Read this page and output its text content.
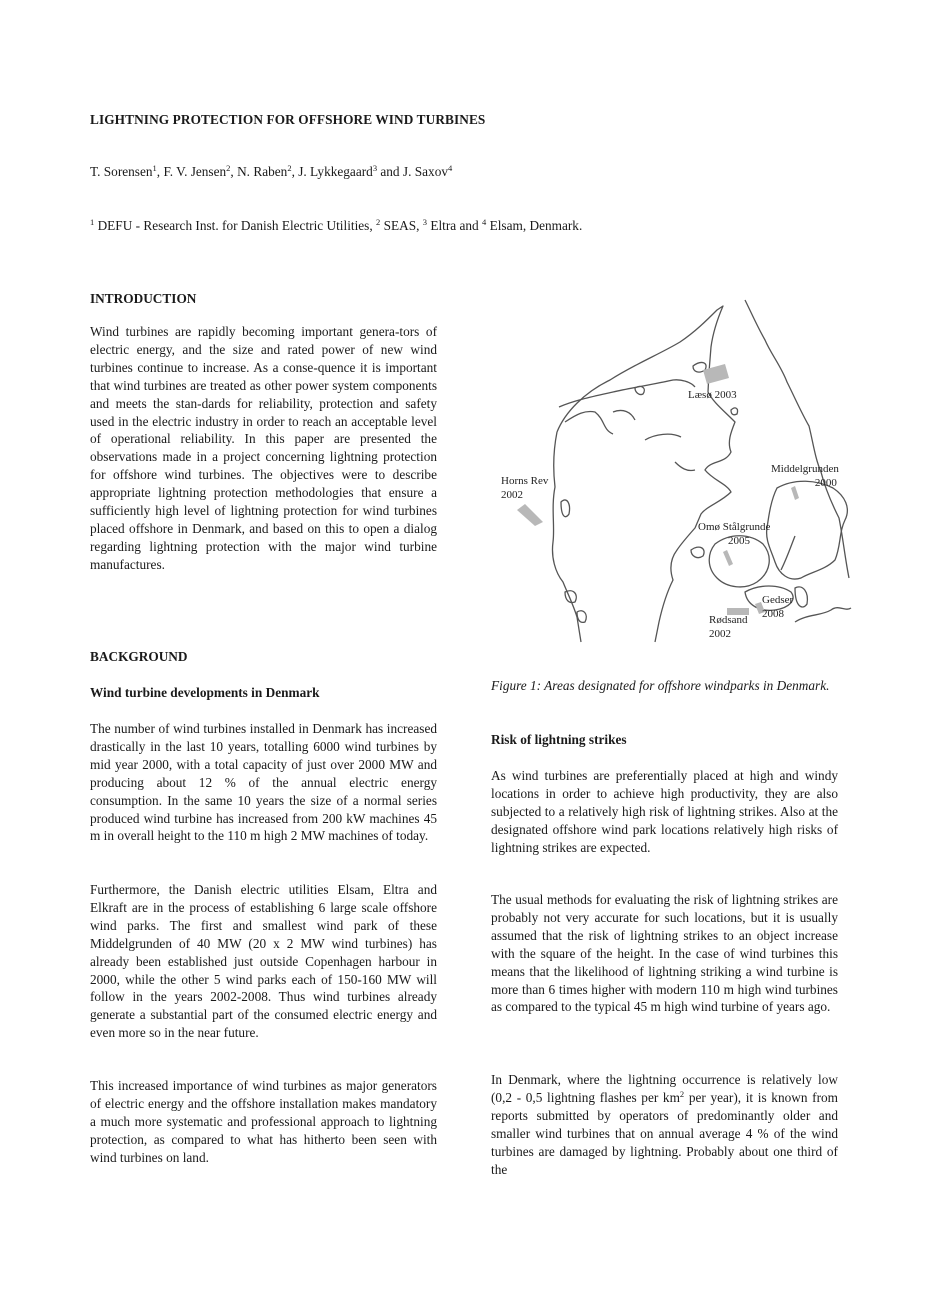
LIGHTNING PROTECTION FOR OFFSHORE WIND TURBINES
T. Sorensen$^1$, F. V. Jensen$^2$, N. Raben$^2$, J. Lykkegaard$^3$ and J. Saxov$^4$
$^1$ DEFU - Research Inst. for Danish Electric Utilities, $^2$ SEAS, $^3$ Eltra and $^4$ Elsam, Denmark.
INTRODUCTION

Wind turbines are rapidly becoming important genera-tors of electric energy, and the size and rated power of new wind turbines continue to increase. As a conse-quence it is important that wind turbines are treated as other power system components and meets the stan-dards for reliability, protection and safety used in the electric industry in order to reach an acceptable level of operational reliability. In this paper are presented the observations made in a project concerning lightning protection for offshore wind turbines. The objectives were to describe appropriate lightning protection methodologies that ensure a sufficiently high level of lightning protection for wind turbines placed offshore in Denmark, and based on this to open a dialog regarding lightning protection with the major wind turbine manufactures.

BACKGROUND
Wind turbine developments in Denmark

The number of wind turbines installed in Denmark has increased drastically in the last 10 years, totalling 6000 wind turbines by mid year 2000, with a total capacity of just over 2000 MW and producing about 12 % of the annual electric energy consumption. In the same 10 years the size of a normal series produced wind turbine has increased from 200 kW machines 45 m in overall height to the 110 m high 2 MW machines of today.

Furthermore, the Danish electric utilities Elsam, Eltra and Elkraft are in the process of establishing 6 large scale offshore wind parks. The first and smallest wind park of these Middelgrunden of 40 MW (20 x 2 MW wind turbines) has already been established just outside Copenhagen harbour in 2000, while the other 5 wind parks each of 150-160 MW will follow in the years 2002-2008. Thus wind turbines already generate a substantial part of the consumed electric energy and even more so in the near future.

This increased importance of wind turbines as major generators of electric energy and the offshore installation makes mandatory a much more systematic and professional approach to lightning protection, as compared to what has hitherto been seen with wind turbines on land.

Læsø 2003
Horns Rev
2002
Middelgrunden
2000
Omø Stålgrunde
2005
Gedser
2008
Rødsand
2002

Figure 1: Areas designated for offshore windparks in Denmark.

Risk of lightning strikes

As wind turbines are preferentially placed at high and windy locations in order to achieve high productivity, they are also subjected to a relatively high risk of lightning strikes. Also at the designated offshore wind park locations relatively high risks of lightning strikes are expected.

The usual methods for evaluating the risk of lightning strikes are probably not very accurate for such locations, but it is usually assumed that the risk of lightning strikes to an object increase with the square of the height. In the case of wind turbines this means that the likelihood of lightning striking a wind turbine is more than 6 times higher with modern 110 m high wind turbines as compared to the typical 45 m high wind turbine of years ago.

In Denmark, where the lightning occurrence is relatively low (0,2 - 0,5 lightning flashes per $km^2$ per year), it is known from reports submitted by operators of predominantly older and smaller wind turbines that on annual average 4 % of the wind turbines are damaged by lightning. Probably about one third of the
